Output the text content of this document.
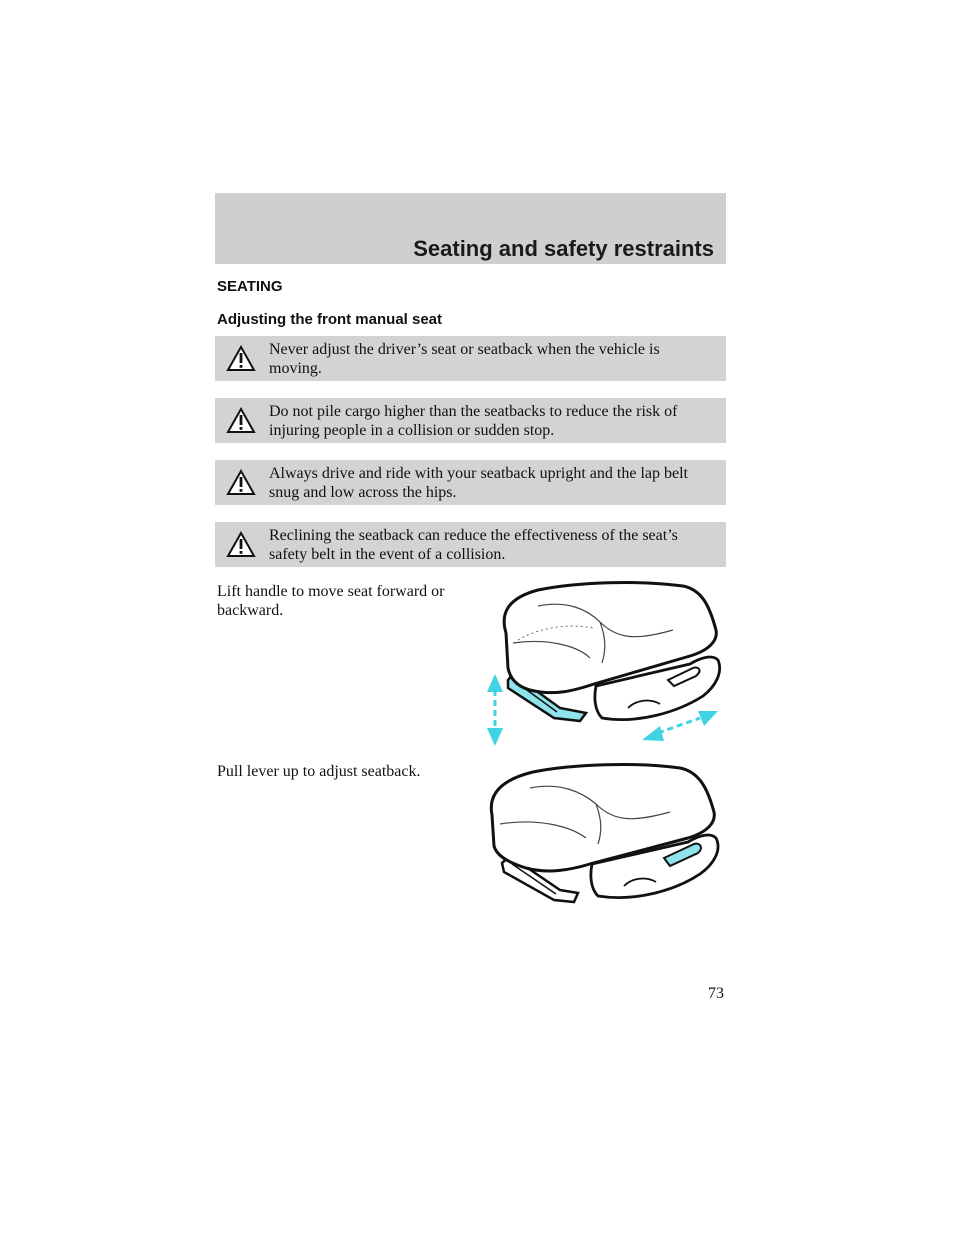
Seating and safety restraints
SEATING
Adjusting the front manual seat
Never adjust the driver’s seat or seatback when the vehicle is moving.
Do not pile cargo higher than the seatbacks to reduce the risk of injuring people in a collision or sudden stop.
Always drive and ride with your seatback upright and the lap belt snug and low across the hips.
Reclining the seatback can reduce the effectiveness of the seat’s safety belt in the event of a collision.
Lift handle to move seat forward or backward.
Pull lever up to adjust seatback.
73
